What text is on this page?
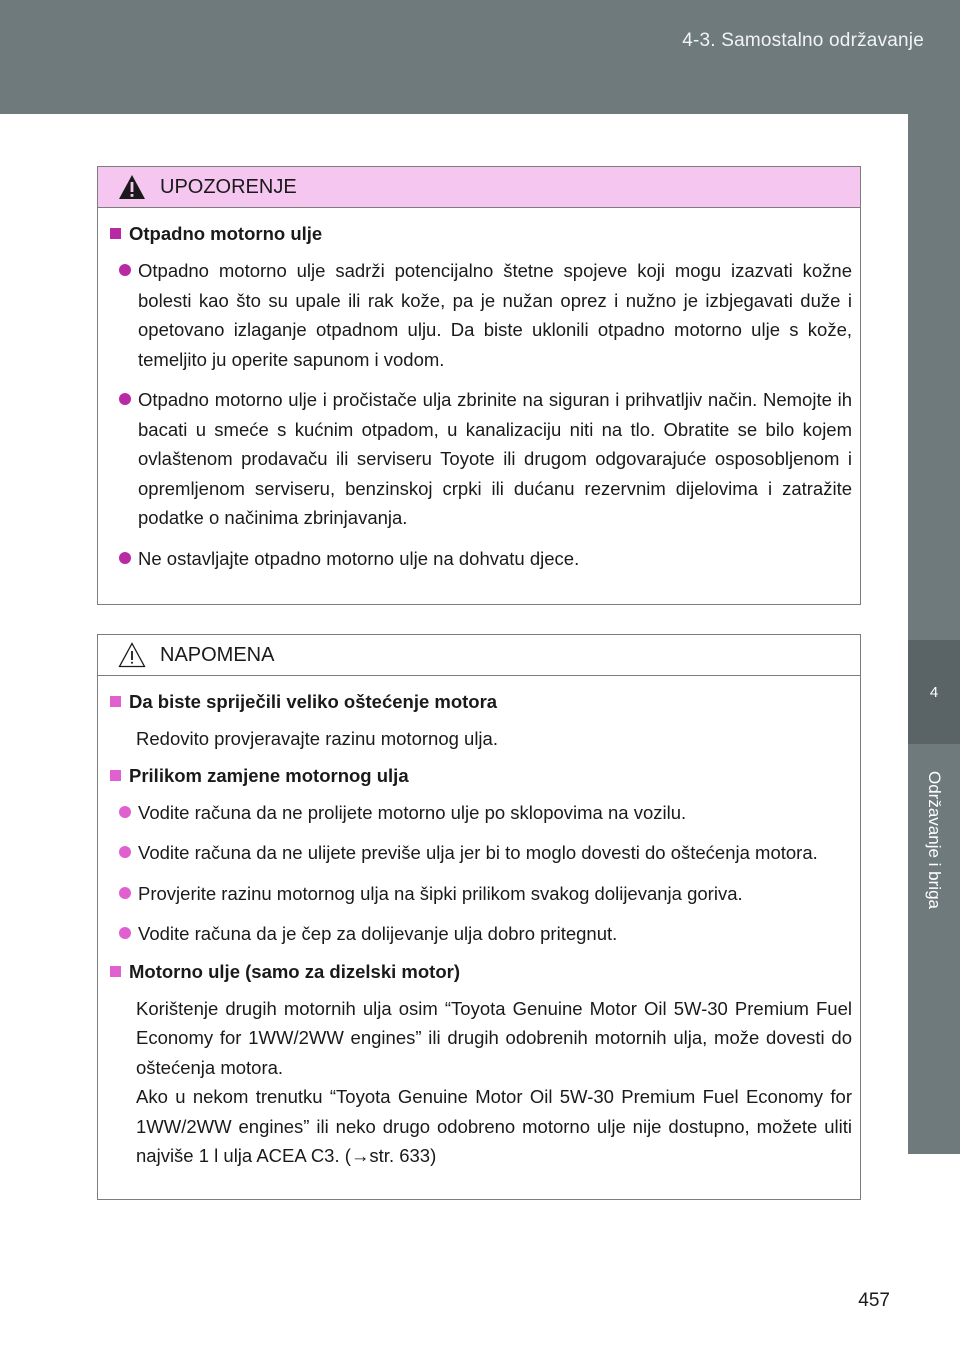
4-3. Samostalno održavanje
4
Održavanje i briga
UPOZORENJE
Otpadno motorno ulje
Otpadno motorno ulje sadrži potencijalno štetne spojeve koji mogu izazvati kožne bolesti kao što su upale ili rak kože, pa je nužan oprez i nužno je izbjegavati duže i opetovano izlaganje otpadnom ulju. Da biste uklonili otpadno motorno ulje s kože, temeljito ju operite sapunom i vodom.
Otpadno motorno ulje i pročistače ulja zbrinite na siguran i prihvatljiv način. Nemojte ih bacati u smeće s kućnim otpadom, u kanalizaciju niti na tlo. Obratite se bilo kojem ovlaštenom prodavaču ili serviseru Toyote ili drugom odgovarajuće osposobljenom i opremljenom serviseru, benzinskoj crpki ili dućanu rezervnim dijelovima i zatražite podatke o načinima zbrinjavanja.
Ne ostavljajte otpadno motorno ulje na dohvatu djece.
NAPOMENA
Da biste spriječili veliko oštećenje motora
Redovito provjeravajte razinu motornog ulja.
Prilikom zamjene motornog ulja
Vodite računa da ne prolijete motorno ulje po sklopovima na vozilu.
Vodite računa da ne ulijete previše ulja jer bi to moglo dovesti do oštećenja motora.
Provjerite razinu motornog ulja na šipki prilikom svakog dolijevanja goriva.
Vodite računa da je čep za dolijevanje ulja dobro pritegnut.
Motorno ulje (samo za dizelski motor)
Korištenje drugih motornih ulja osim “Toyota Genuine Motor Oil 5W-30 Premium Fuel Economy for 1WW/2WW engines” ili drugih odobrenih motornih ulja, može dovesti do oštećenja motora.
Ako u nekom trenutku “Toyota Genuine Motor Oil 5W-30 Premium Fuel Economy for 1WW/2WW engines” ili neko drugo odobreno motorno ulje nije dostupno, možete uliti najviše 1 l ulja ACEA C3. (→str. 633)
457
